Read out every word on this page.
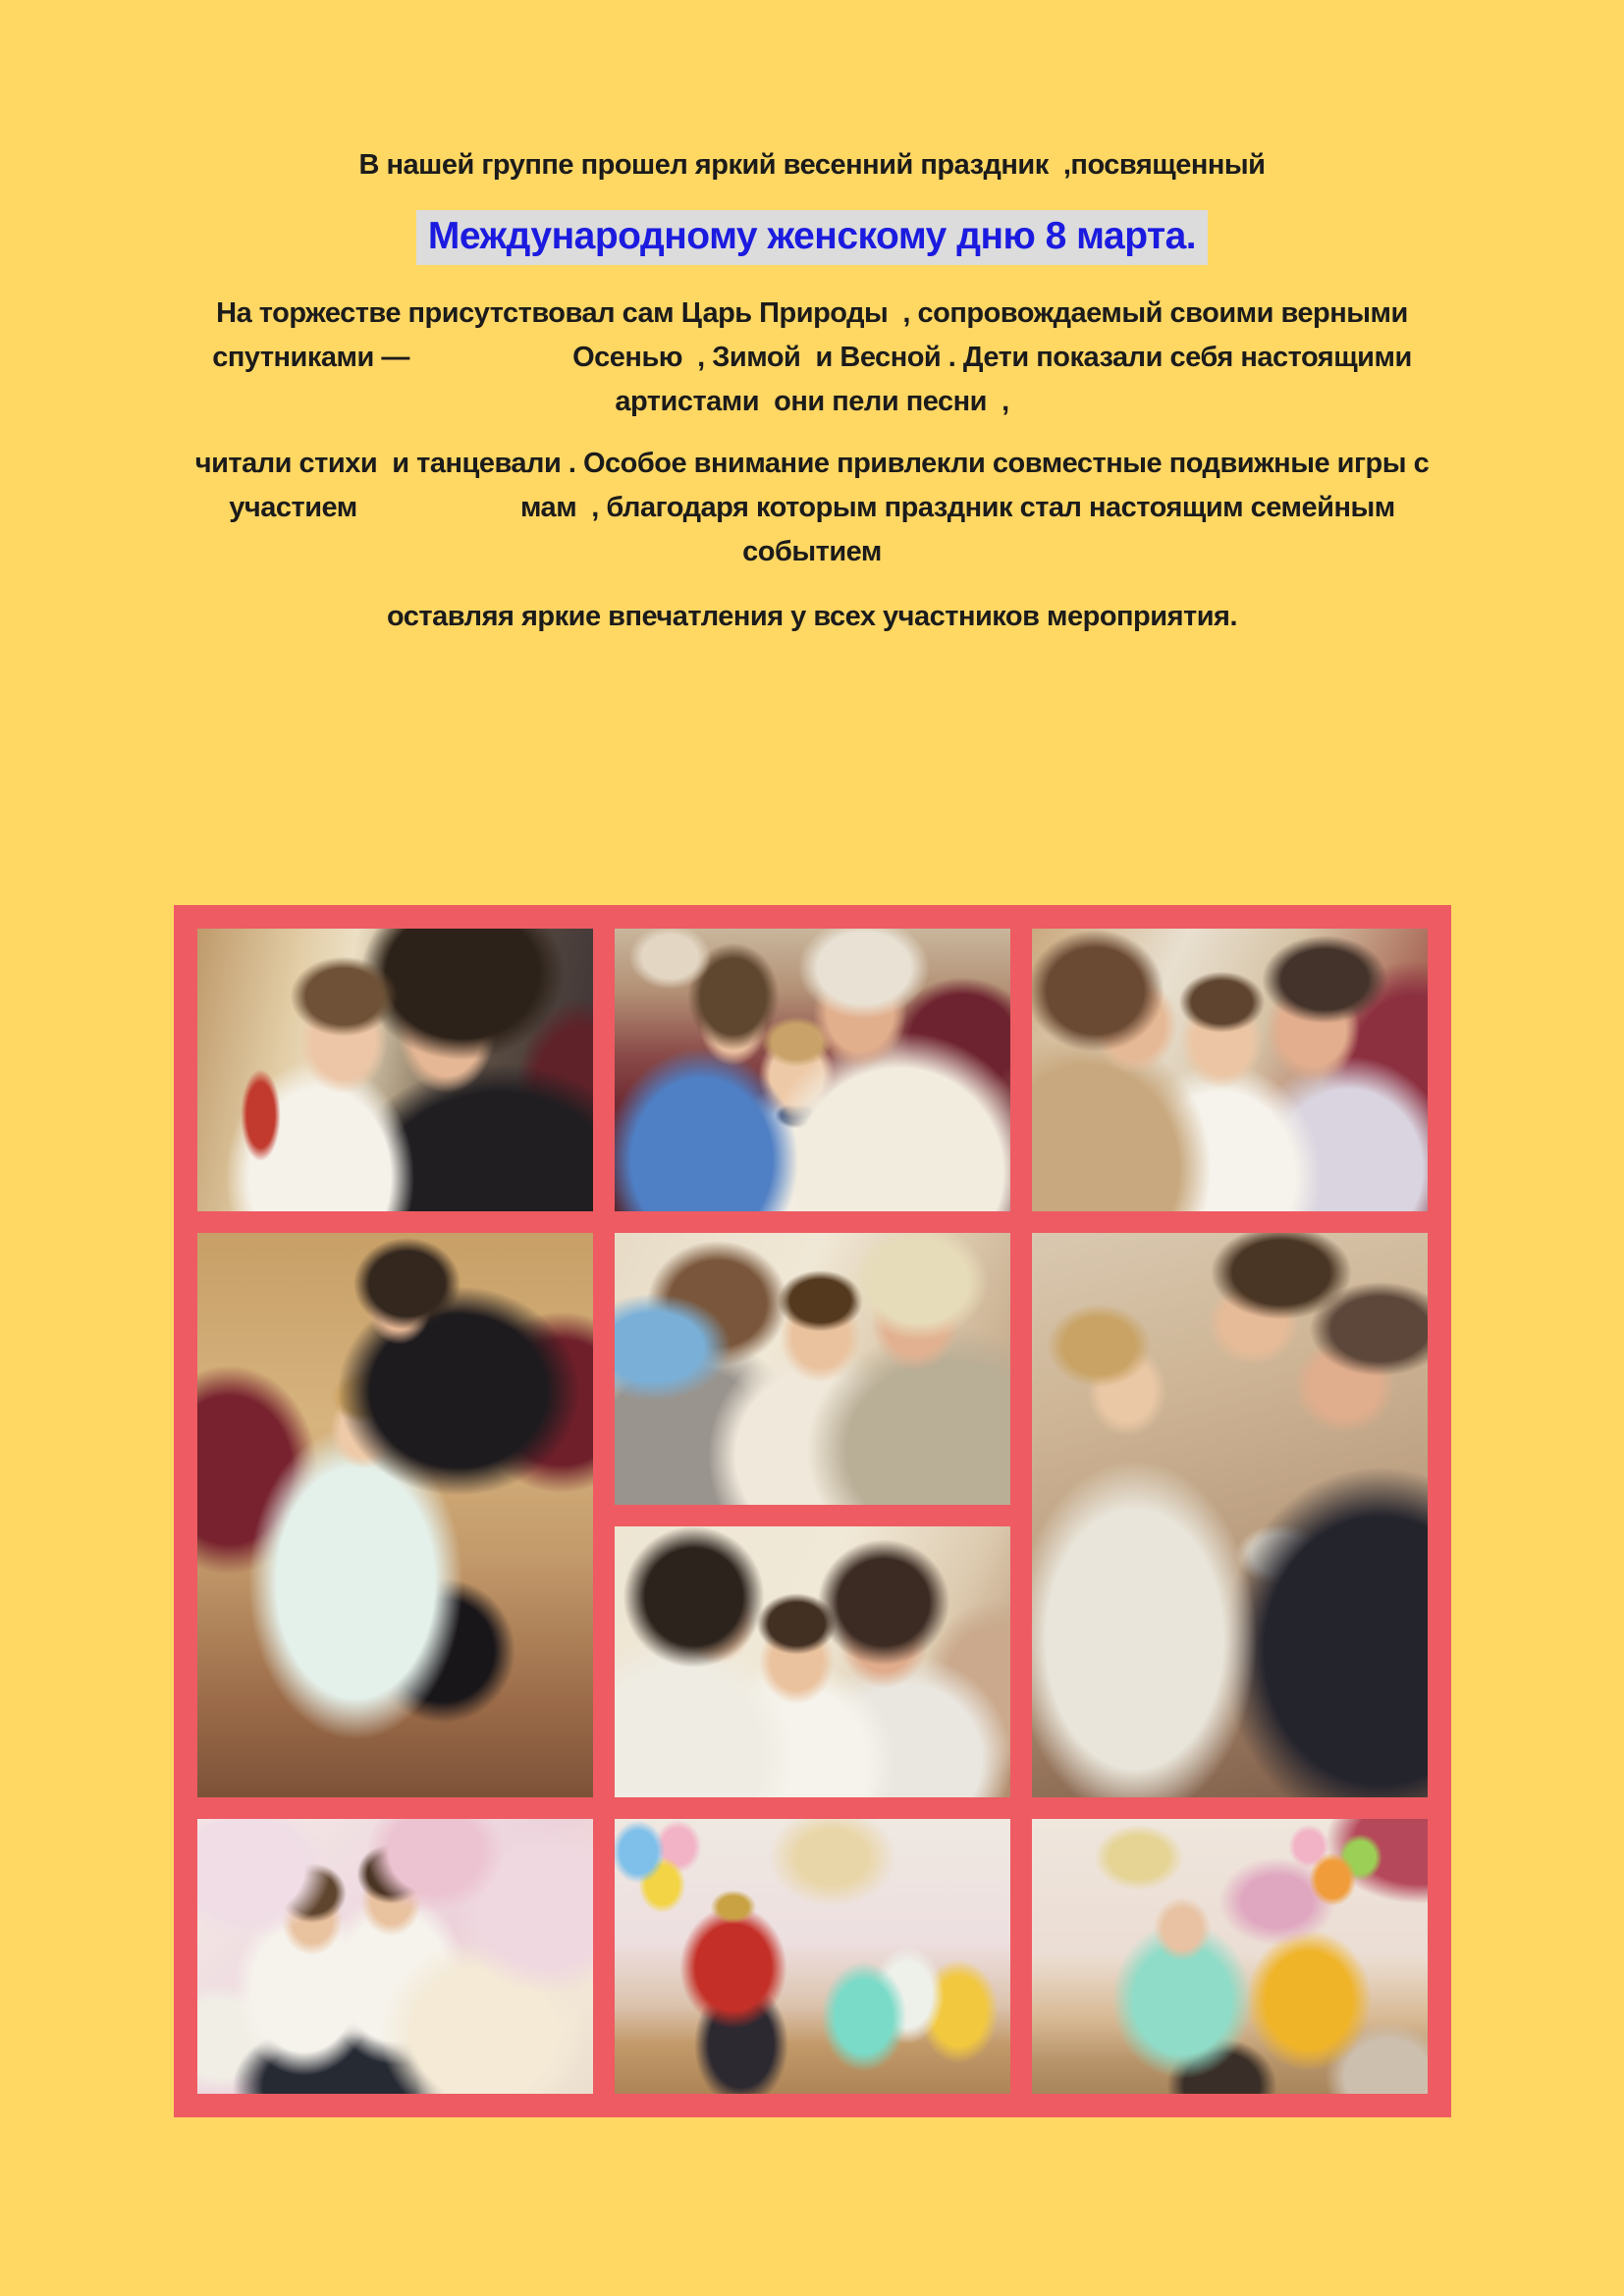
В нашей группе прошел яркий весенний праздник  ,посвященный
Международному женскому дню 8 марта.
На торжестве присутствовал сам Царь Природы  , сопровождаемый своими верными
спутниками —                      Осенью  , Зимой  и Весной . Дети показали себя настоящими
артистами  они пели песни  ,
читали стихи  и танцевали . Особое внимание привлекли совместные подвижные игры с
участием                      мам  , благодаря которым праздник стал настоящим семейным
событием
оставляя яркие впечатления у всех участников мероприятия.
